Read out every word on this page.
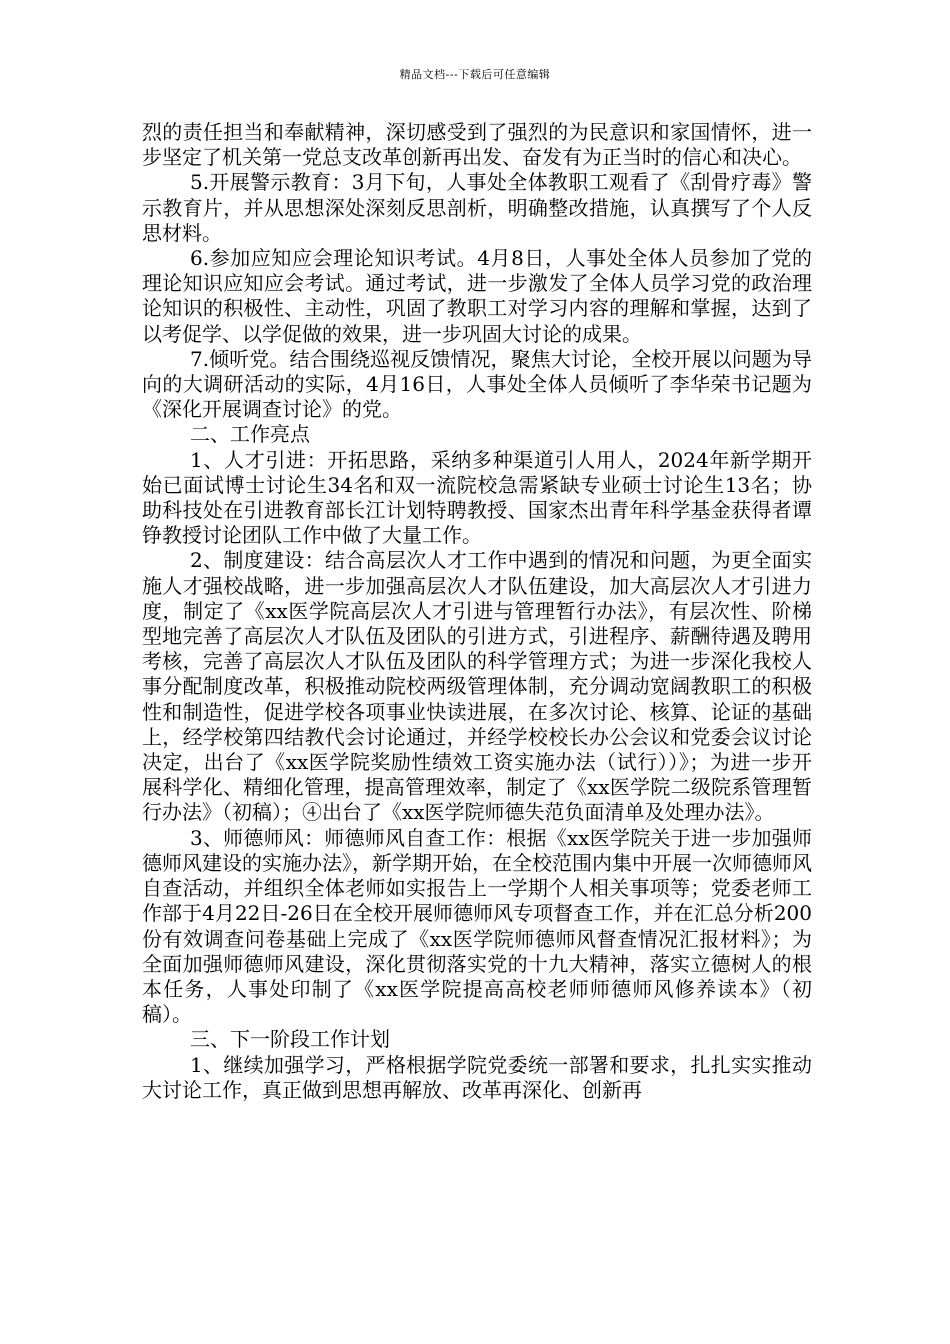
精品文档---下载后可任意编辑

烈的责任担当和奉献精神，深切感受到了强烈的为民意识和家国情怀，进一步坚定了机关第一党总支改革创新再出发、奋发有为正当时的信心和决心。

5.开展警示教育：3月下旬，人事处全体教职工观看了《刮骨疗毒》警示教育片，并从思想深处深刻反思剖析，明确整改措施，认真撰写了个人反思材料。

6.参加应知应会理论知识考试。4月8日，人事处全体人员参加了党的理论知识应知应会考试。通过考试，进一步激发了全体人员学习党的政治理论知识的积极性、主动性，巩固了教职工对学习内容的理解和掌握，达到了以考促学、以学促做的效果，进一步巩固大讨论的成果。

7.倾听党。结合围绕巡视反馈情况，聚焦大讨论，全校开展以问题为导向的大调研活动的实际，4月16日，人事处全体人员倾听了李华荣书记题为《深化开展调查讨论》的党。

二、工作亮点

1、人才引进：开拓思路，采纳多种渠道引人用人，2024年新学期开始已面试博士讨论生34名和双一流院校急需紧缺专业硕士讨论生13名；协助科技处在引进教育部长江计划特聘教授、国家杰出青年科学基金获得者谭铮教授讨论团队工作中做了大量工作。

2、制度建设：结合高层次人才工作中遇到的情况和问题，为更全面实施人才强校战略，进一步加强高层次人才队伍建设，加大高层次人才引进力度，制定了《xx医学院高层次人才引进与管理暂行办法》，有层次性、阶梯型地完善了高层次人才队伍及团队的引进方式，引进程序、薪酬待遇及聘用考核，完善了高层次人才队伍及团队的科学管理方式；为进一步深化我校人事分配制度改革，积极推动院校两级管理体制，充分调动宽阔教职工的积极性和制造性，促进学校各项事业快读进展，在多次讨论、核算、论证的基础上，经学校第四结教代会讨论通过，并经学校校长办公会议和党委会议讨论决定，出台了《xx医学院奖励性绩效工资实施办法（试行））》；为进一步开展科学化、精细化管理，提高管理效率，制定了《xx医学院二级院系管理暂行办法》（初稿）；④出台了《xx医学院师德失范负面清单及处理办法》。

3、师德师风：师德师风自查工作：根据《xx医学院关于进一步加强师德师风建设的实施办法》，新学期开始，在全校范围内集中开展一次师德师风自查活动，并组织全体老师如实报告上一学期个人相关事项等；党委老师工作部于4月22日-26日在全校开展师德师风专项督查工作，并在汇总分析200份有效调查问卷基础上完成了《xx医学院师德师风督查情况汇报材料》；为全面加强师德师风建设，深化贯彻落实党的十九大精神，落实立德树人的根本任务，人事处印制了《xx医学院提高高校老师师德师风修养读本》（初稿）。

三、下一阶段工作计划

1、继续加强学习，严格根据学院党委统一部署和要求，扎扎实实推动大讨论工作，真正做到思想再解放、改革再深化、创新再
